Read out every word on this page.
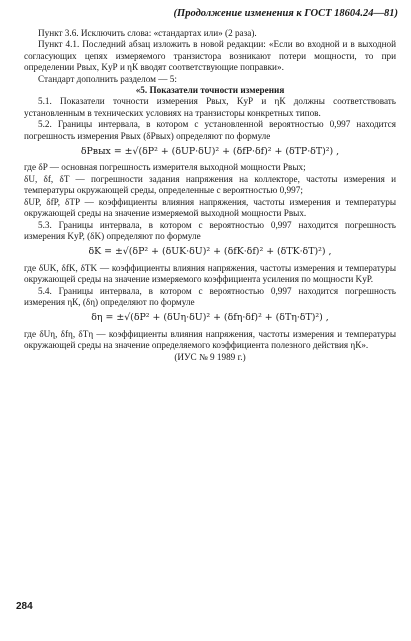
(Продолжение изменения к ГОСТ 18604.24—81)

Пункт 3.6. Исключить слова: «стандартах или» (2 раза).

Пункт 4.1. Последний абзац изложить в новой редакции: «Если во входной и в выходной согласующих цепях измеряемого транзистора возникают потери мощности, то при определении Pвых, KуР и ηК вводят соответствующие поправки».

Стандарт дополнить разделом — 5:

«5. Показатели точности измерения

5.1. Показатели точности измерения Pвых, KуР и ηК должны соответствовать установленным в технических условиях на транзисторы конкретных типов.

5.2. Границы интервала, в котором с установленной вероятностью 0,997 находится погрешность измерения Pвых (δPвых) определяют по формуле

δPвых = ±√(δP² + (δUP·δU)² + (δfP·δf)² + (δTP·δT)²) ,

где δP — основная погрешность измерителя выходной мощности Pвых;

δU, δf, δT — погрешности задания напряжения на коллекторе, частоты измерения и температуры окружающей среды, определенные с вероятностью 0,997;

δUP, δfP, δTP — коэффициенты влияния напряжения, частоты измерения и температуры окружающей среды на значение измеряемой выходной мощности Pвых.

5.3. Границы интервала, в котором с вероятностью 0,997 находится погрешность измерения KуР, (δK) определяют по формуле

δK = ±√(δP² + (δUK·δU)² + (δfK·δf)² + (δTK·δT)²) ,

где δUK, δfK, δTK — коэффициенты влияния напряжения, частоты измерения и температуры окружающей среды на значение измеряемого коэффициента усиления по мощности KуР.

5.4. Границы интервала, в котором с вероятностью 0,997 находится погрешность измерения ηК, (δη) определяют по формуле

δη = ±√(δP² + (δUη·δU)² + (δfη·δf)² + (δTη·δT)²) ,

где δUη, δfη, δTη — коэффициенты влияния напряжения, частоты измерения и температуры окружающей среды на значение определяемого коэффициента полезного действия ηК».

(ИУС № 9 1989 г.)

284
